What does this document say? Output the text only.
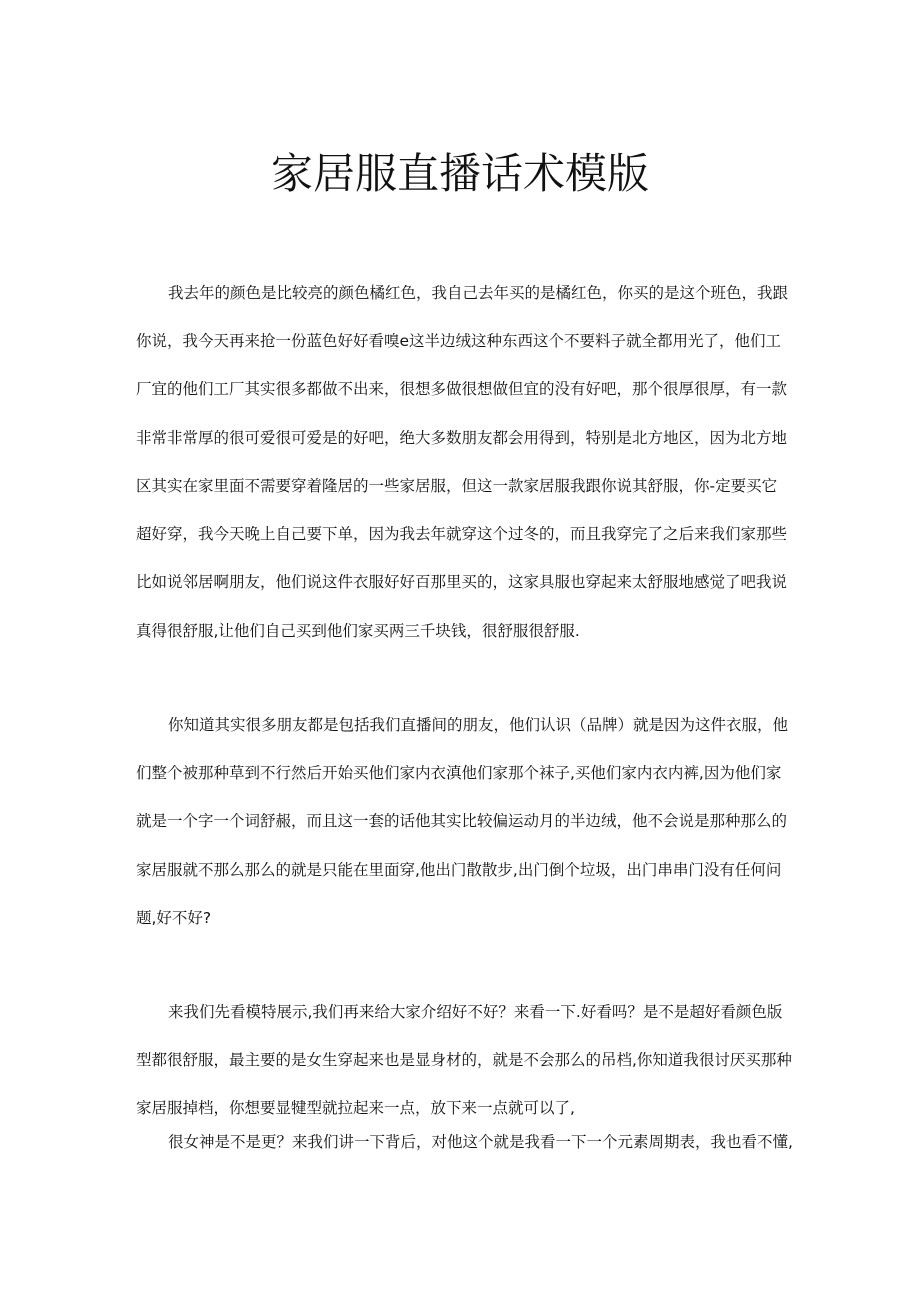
家居服直播话术模版
我去年的颜色是比较亮的颜色橘红色，我自己去年买的是橘红色，你买的是这个班色，我跟
你说，我今天再来抢一份蓝色好好看嗅e这半边绒这种东西这个不要料子就全都用光了，他们工
厂宜的他们工厂其实很多都做不出来，很想多做很想做但宜的没有好吧，那个很厚很厚，有一款
非常非常厚的很可爱很可爱是的好吧，绝大多数朋友都会用得到，特别是北方地区，因为北方地
区其实在家里面不需要穿着隆居的一些家居服，但这一款家居服我跟你说其舒服，你-定要买它
超好穿，我今天晚上自己要下单，因为我去年就穿这个过冬的，而且我穿完了之后来我们家那些
比如说邻居啊朋友，他们说这件衣服好好百那里买的，这家具服也穿起来太舒服地感觉了吧我说
真得很舒服,让他们自己买到他们家买两三千块钱，很舒服很舒服.
你知道其实很多朋友都是包括我们直播间的朋友，他们认识（品牌）就是因为这件衣服，他
们整个被那种草到不行然后开始买他们家内衣滇他们家那个袜子,买他们家内衣内裤,因为他们家
就是一个字一个词舒赧，而且这一套的话他其实比较偏运动月的半边绒，他不会说是那种那么的
家居服就不那么那么的就是只能在里面穿,他出门散散步,出门倒个垃圾，出门串串门没有任何问
题,好不好?
来我们先看模特展示,我们再来给大家介绍好不好？来看一下.好看吗？是不是超好看颜色版
型都很舒服，最主要的是女生穿起来也是显身材的，就是不会那么的吊档,你知道我很讨厌买那种
家居服掉档，你想要显犍型就拉起来一点，放下来一点就可以了,
很女神是不是更？来我们讲一下背后，对他这个就是我看一下一个元素周期表，我也看不懂,
